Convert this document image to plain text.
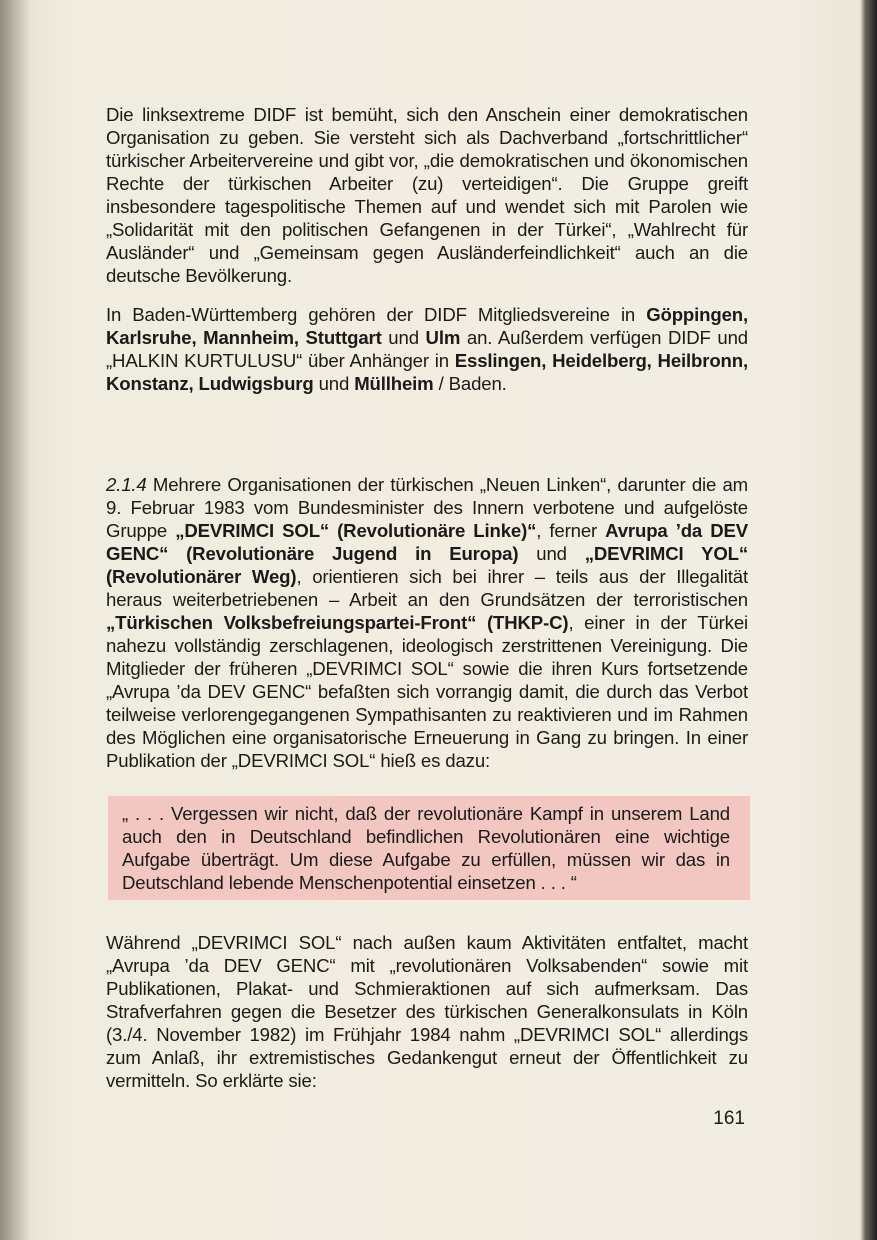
Die linksextreme DIDF ist bemüht, sich den Anschein einer demokratischen Organisation zu geben. Sie versteht sich als Dachverband „fortschrittlicher“ türkischer Arbeitervereine und gibt vor, „die demokratischen und ökonomischen Rechte der türkischen Arbeiter (zu) verteidigen“. Die Gruppe greift insbesondere tagespolitische Themen auf und wendet sich mit Parolen wie „Solidarität mit den politischen Gefangenen in der Türkei“, „Wahlrecht für Ausländer“ und „Gemeinsam gegen Ausländerfeindlichkeit“ auch an die deutsche Bevölkerung.

In Baden-Württemberg gehören der DIDF Mitgliedsvereine in Göppingen, Karlsruhe, Mannheim, Stuttgart und Ulm an. Außerdem verfügen DIDF und „HALKIN KURTULUSU“ über Anhänger in Esslingen, Heidelberg, Heilbronn, Konstanz, Ludwigsburg und Müllheim / Baden.

2.1.4 Mehrere Organisationen der türkischen „Neuen Linken“, darunter die am 9. Februar 1983 vom Bundesminister des Innern verbotene und aufgelöste Gruppe „DEVRIMCI SOL“ (Revolutionäre Linke)“, ferner Avrupa ’da DEV GENC“ (Revolutionäre Jugend in Europa) und „DEVRIMCI YOL“ (Revolutionärer Weg), orientieren sich bei ihrer – teils aus der Illegalität heraus weiterbetriebenen – Arbeit an den Grundsätzen der terroristischen „Türkischen Volksbefreiungspartei-Front“ (THKP-C), einer in der Türkei nahezu vollständig zerschlagenen, ideologisch zerstrittenen Vereinigung. Die Mitglieder der früheren „DEVRIMCI SOL“ sowie die ihren Kurs fortsetzende „Avrupa ’da DEV GENC“ befaßten sich vorrangig damit, die durch das Verbot teilweise verlorengegangenen Sympathisanten zu reaktivieren und im Rahmen des Möglichen eine organisatorische Erneuerung in Gang zu bringen. In einer Publikation der „DEVRIMCI SOL“ hieß es dazu:

„ . . . Vergessen wir nicht, daß der revolutionäre Kampf in unserem Land auch den in Deutschland befindlichen Revolutionären eine wichtige Aufgabe überträgt. Um diese Aufgabe zu erfüllen, müssen wir das in Deutschland lebende Menschenpotential einsetzen . . . “

Während „DEVRIMCI SOL“ nach außen kaum Aktivitäten entfaltet, macht „Avrupa ’da DEV GENC“ mit „revolutionären Volksabenden“ sowie mit Publikationen, Plakat- und Schmieraktionen auf sich aufmerksam. Das Strafverfahren gegen die Besetzer des türkischen Generalkonsulats in Köln (3./4. November 1982) im Frühjahr 1984 nahm „DEVRIMCI SOL“ allerdings zum Anlaß, ihr extremistisches Gedankengut erneut der Öffentlichkeit zu vermitteln. So erklärte sie:

161
